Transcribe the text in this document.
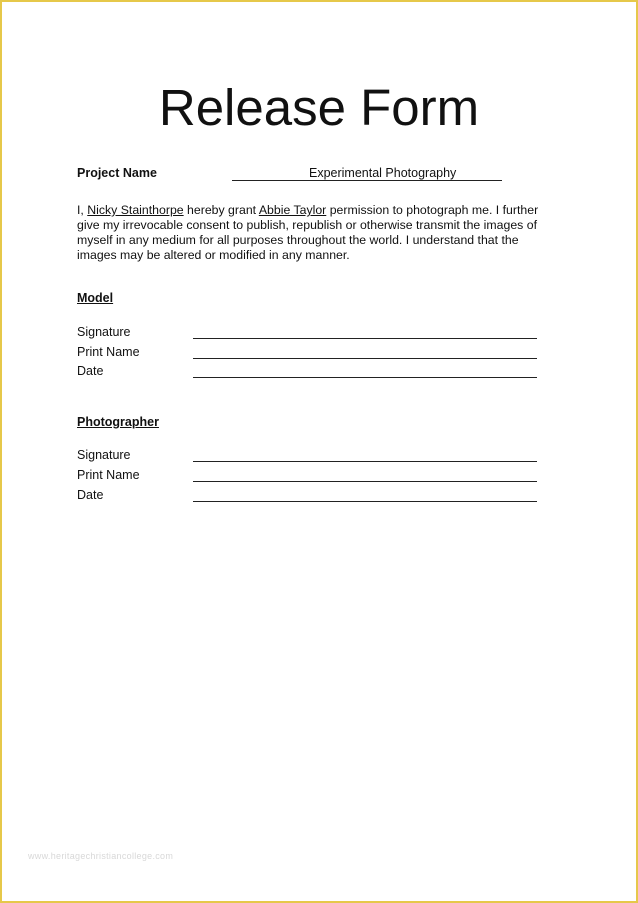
Release Form
Project Name	Experimental Photography
I, Nicky Stainthorpe hereby grant Abbie Taylor permission to photograph me. I further give my irrevocable consent to publish, republish or otherwise transmit the images of myself in any medium for all purposes throughout the world. I understand that the images may be altered or modified in any manner.
Model
Signature
Print Name
Date
Photographer
Signature
Print Name
Date
www.heritagechristiancollege.com
